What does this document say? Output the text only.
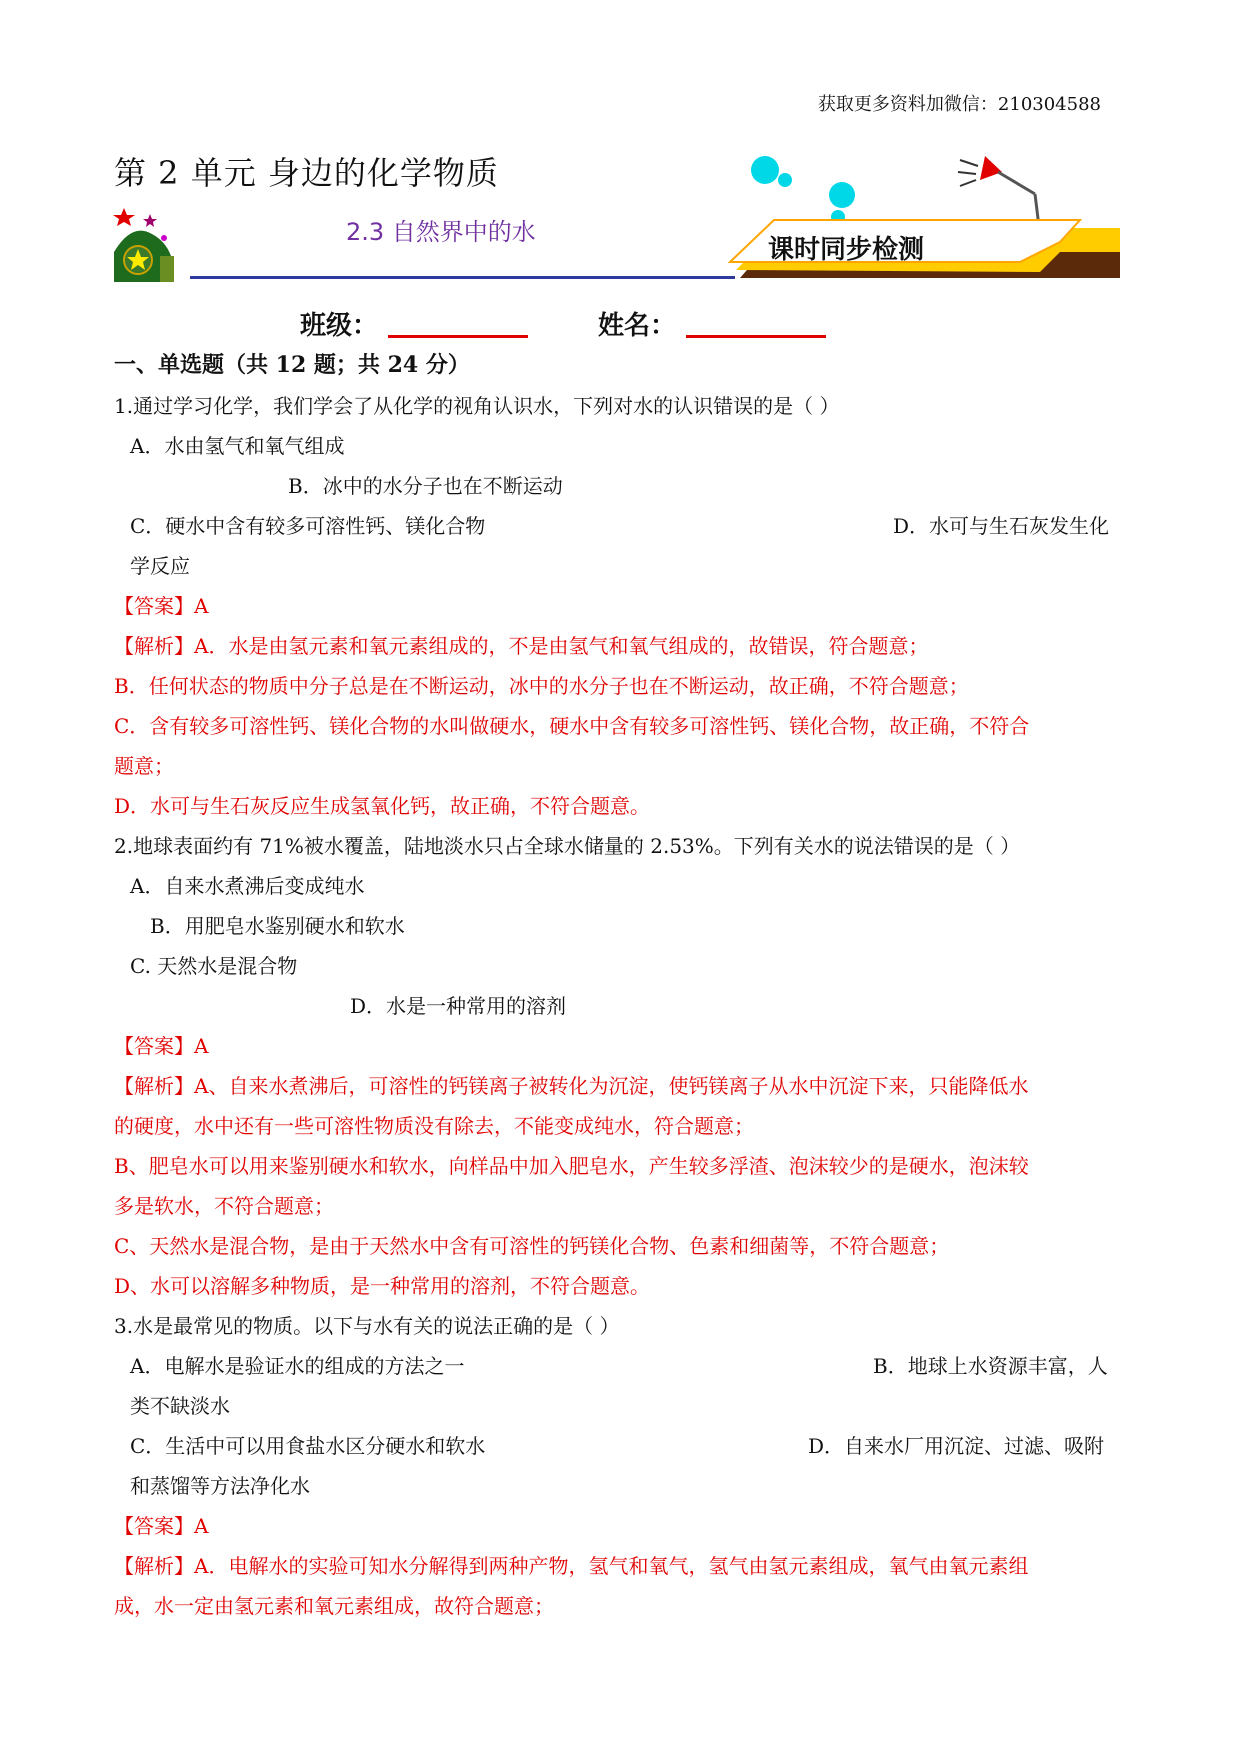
获取更多资料加微信：210304588
第 2 单元 身边的化学物质
2.3 自然界中的水
课时同步检测
班级：	姓名：
一、单选题（共 12 题；共 24 分）
1.通过学习化学，我们学会了从化学的视角认识水，下列对水的认识错误的是（ ）
A．水由氢气和氧气组成
B．冰中的水分子也在不断运动
C．硬水中含有较多可溶性钙、镁化合物	D．水可与生石灰发生化
学反应
【答案】A
【解析】A．水是由氢元素和氧元素组成的，不是由氢气和氧气组成的，故错误，符合题意；
B．任何状态的物质中分子总是在不断运动，冰中的水分子也在不断运动，故正确，不符合题意；
C．含有较多可溶性钙、镁化合物的水叫做硬水，硬水中含有较多可溶性钙、镁化合物，故正确，不符合
题意；
D．水可与生石灰反应生成氢氧化钙，故正确，不符合题意。
2.地球表面约有 71%被水覆盖，陆地淡水只占全球水储量的 2.53%。下列有关水的说法错误的是（ ）
A．自来水煮沸后变成纯水
B．用肥皂水鉴别硬水和软水
C. 天然水是混合物
D．水是一种常用的溶剂
【答案】A
【解析】A、自来水煮沸后，可溶性的钙镁离子被转化为沉淀，使钙镁离子从水中沉淀下来，只能降低水
的硬度，水中还有一些可溶性物质没有除去，不能变成纯水，符合题意；
B、肥皂水可以用来鉴别硬水和软水，向样品中加入肥皂水，产生较多浮渣、泡沫较少的是硬水，泡沫较
多是软水，不符合题意；
C、天然水是混合物，是由于天然水中含有可溶性的钙镁化合物、色素和细菌等，不符合题意；
D、水可以溶解多种物质，是一种常用的溶剂，不符合题意。
3.水是最常见的物质。以下与水有关的说法正确的是（ ）
A．电解水是验证水的组成的方法之一	B．地球上水资源丰富，人
类不缺淡水
C．生活中可以用食盐水区分硬水和软水	D．自来水厂用沉淀、过滤、吸附
和蒸馏等方法净化水
【答案】A
【解析】A．电解水的实验可知水分解得到两种产物，氢气和氧气，氢气由氢元素组成，氧气由氧元素组
成，水一定由氢元素和氧元素组成，故符合题意；
